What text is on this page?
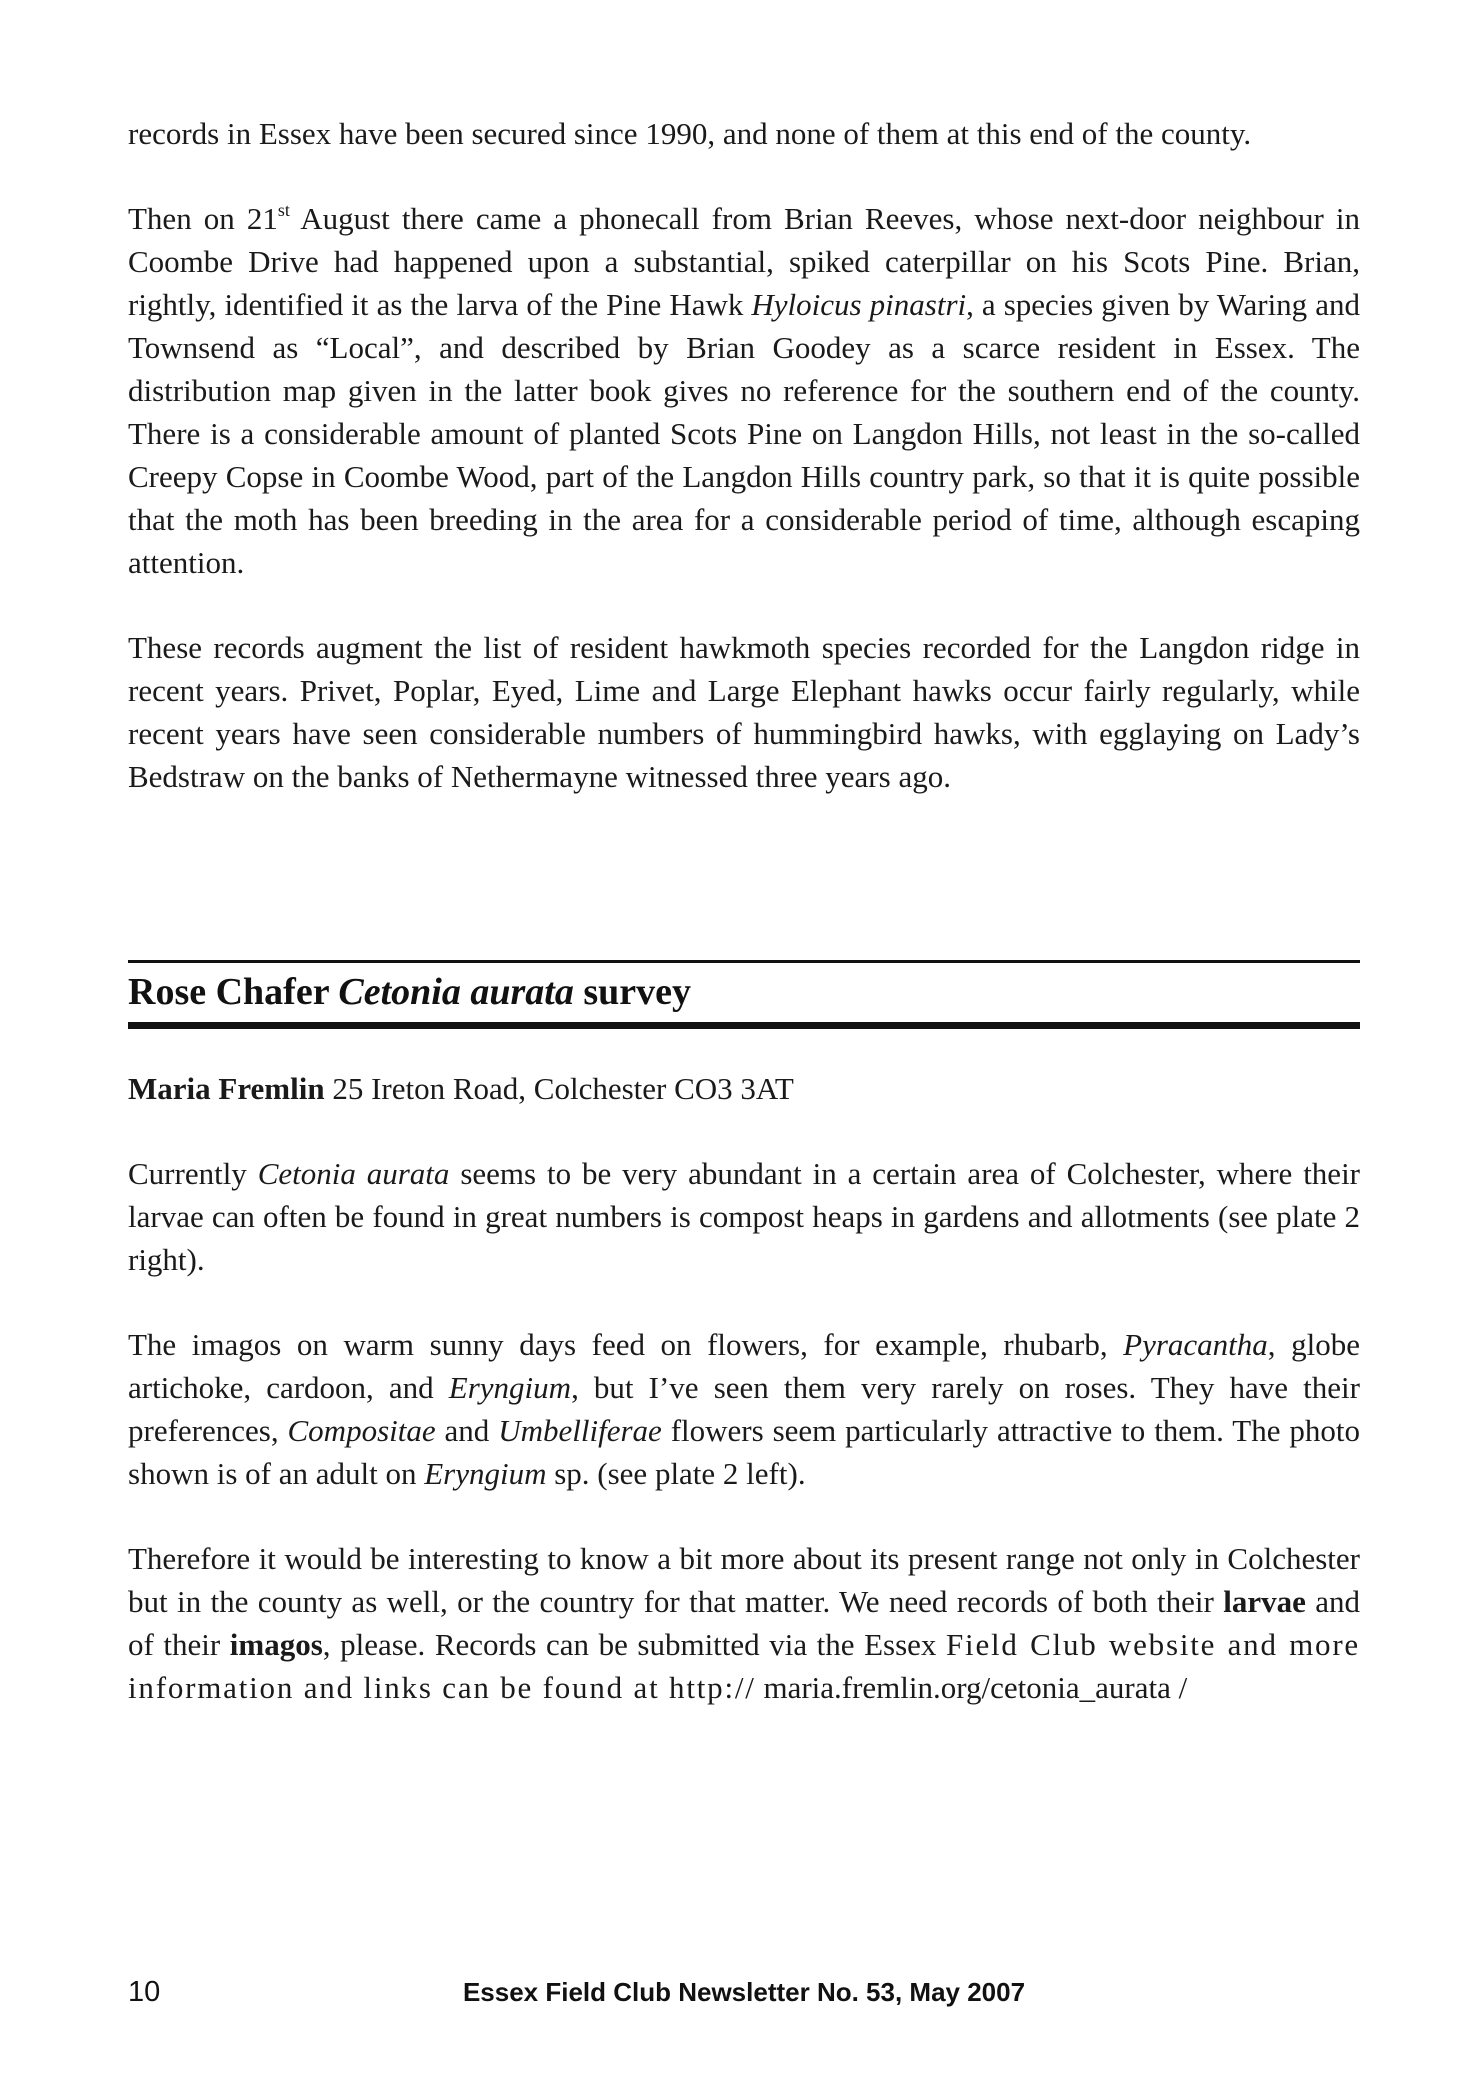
records in Essex have been secured since 1990, and none of them at this end of the county.

Then on 21st August there came a phonecall from Brian Reeves, whose next-door neighbour in Coombe Drive had happened upon a substantial, spiked caterpillar on his Scots Pine. Brian, rightly, identified it as the larva of the Pine Hawk Hyloicus pinastri, a species given by Waring and Townsend as “Local”, and described by Brian Goodey as a scarce resident in Essex. The distribution map given in the latter book gives no reference for the southern end of the county. There is a considerable amount of planted Scots Pine on Langdon Hills, not least in the so-called Creepy Copse in Coombe Wood, part of the Langdon Hills country park, so that it is quite possible that the moth has been breeding in the area for a considerable period of time, although escaping attention.

These records augment the list of resident hawkmoth species recorded for the Langdon ridge in recent years. Privet, Poplar, Eyed, Lime and Large Elephant hawks occur fairly regularly, while recent years have seen considerable numbers of hummingbird hawks, with egglaying on Lady’s Bedstraw on the banks of Nethermayne witnessed three years ago.

Rose Chafer Cetonia aurata survey

Maria Fremlin 25 Ireton Road, Colchester CO3 3AT

Currently Cetonia aurata seems to be very abundant in a certain area of Colchester, where their larvae can often be found in great numbers is compost heaps in gardens and allotments (see plate 2 right).

The imagos on warm sunny days feed on flowers, for example, rhubarb, Pyracantha, globe artichoke, cardoon, and Eryngium, but I’ve seen them very rarely on roses. They have their preferences, Compositae and Umbelliferae flowers seem particularly attractive to them. The photo shown is of an adult on Eryngium sp. (see plate 2 left).

Therefore it would be interesting to know a bit more about its present range not only in Colchester but in the county as well, or the country for that matter. We need records of both their larvae and of their imagos, please. Records can be submitted via the Essex Field Club website and more information and links can be found at http:// maria.fremlin.org/cetonia_aurata /

10	Essex Field Club Newsletter No. 53, May 2007
